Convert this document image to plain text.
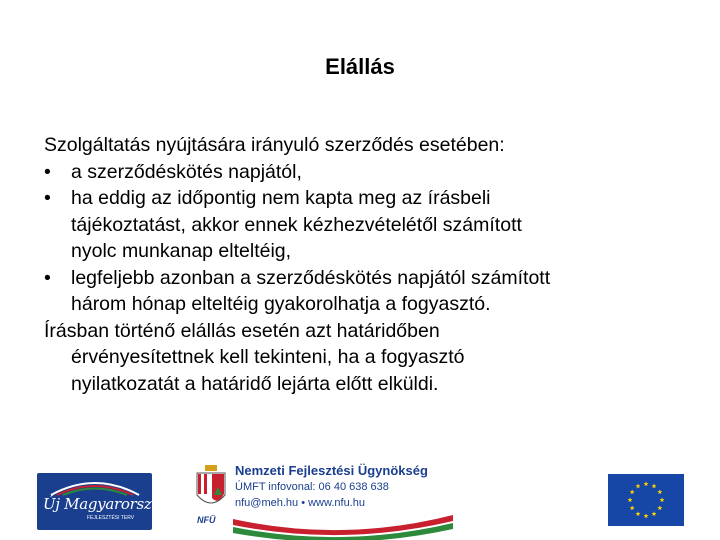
Elállás
Szolgáltatás nyújtására irányuló szerződés esetében:
• a szerződéskötés napjától,
• ha eddig az időpontig nem kapta meg az írásbeli
tájékoztatást, akkor ennek kézhezvételétől számított
nyolc munkanap elteltéig,
• legfeljebb azonban a szerződéskötés napjától számított
három hónap elteltéig gyakorolhatja a fogyasztó.
Írásban történő elállás esetén azt határidőben
érvényesítettnek kell tekinteni, ha a fogyasztó
nyilatkozatát a határidő lejárta előtt elküldi.
Új Magyarország
FEJLESZTÉSI TERV	NFÜ
Nemzeti Fejlesztési Ügynökség
ÚMFT infovonal: 06 40 638 638
nfu@meh.hu • www.nfu.hu
